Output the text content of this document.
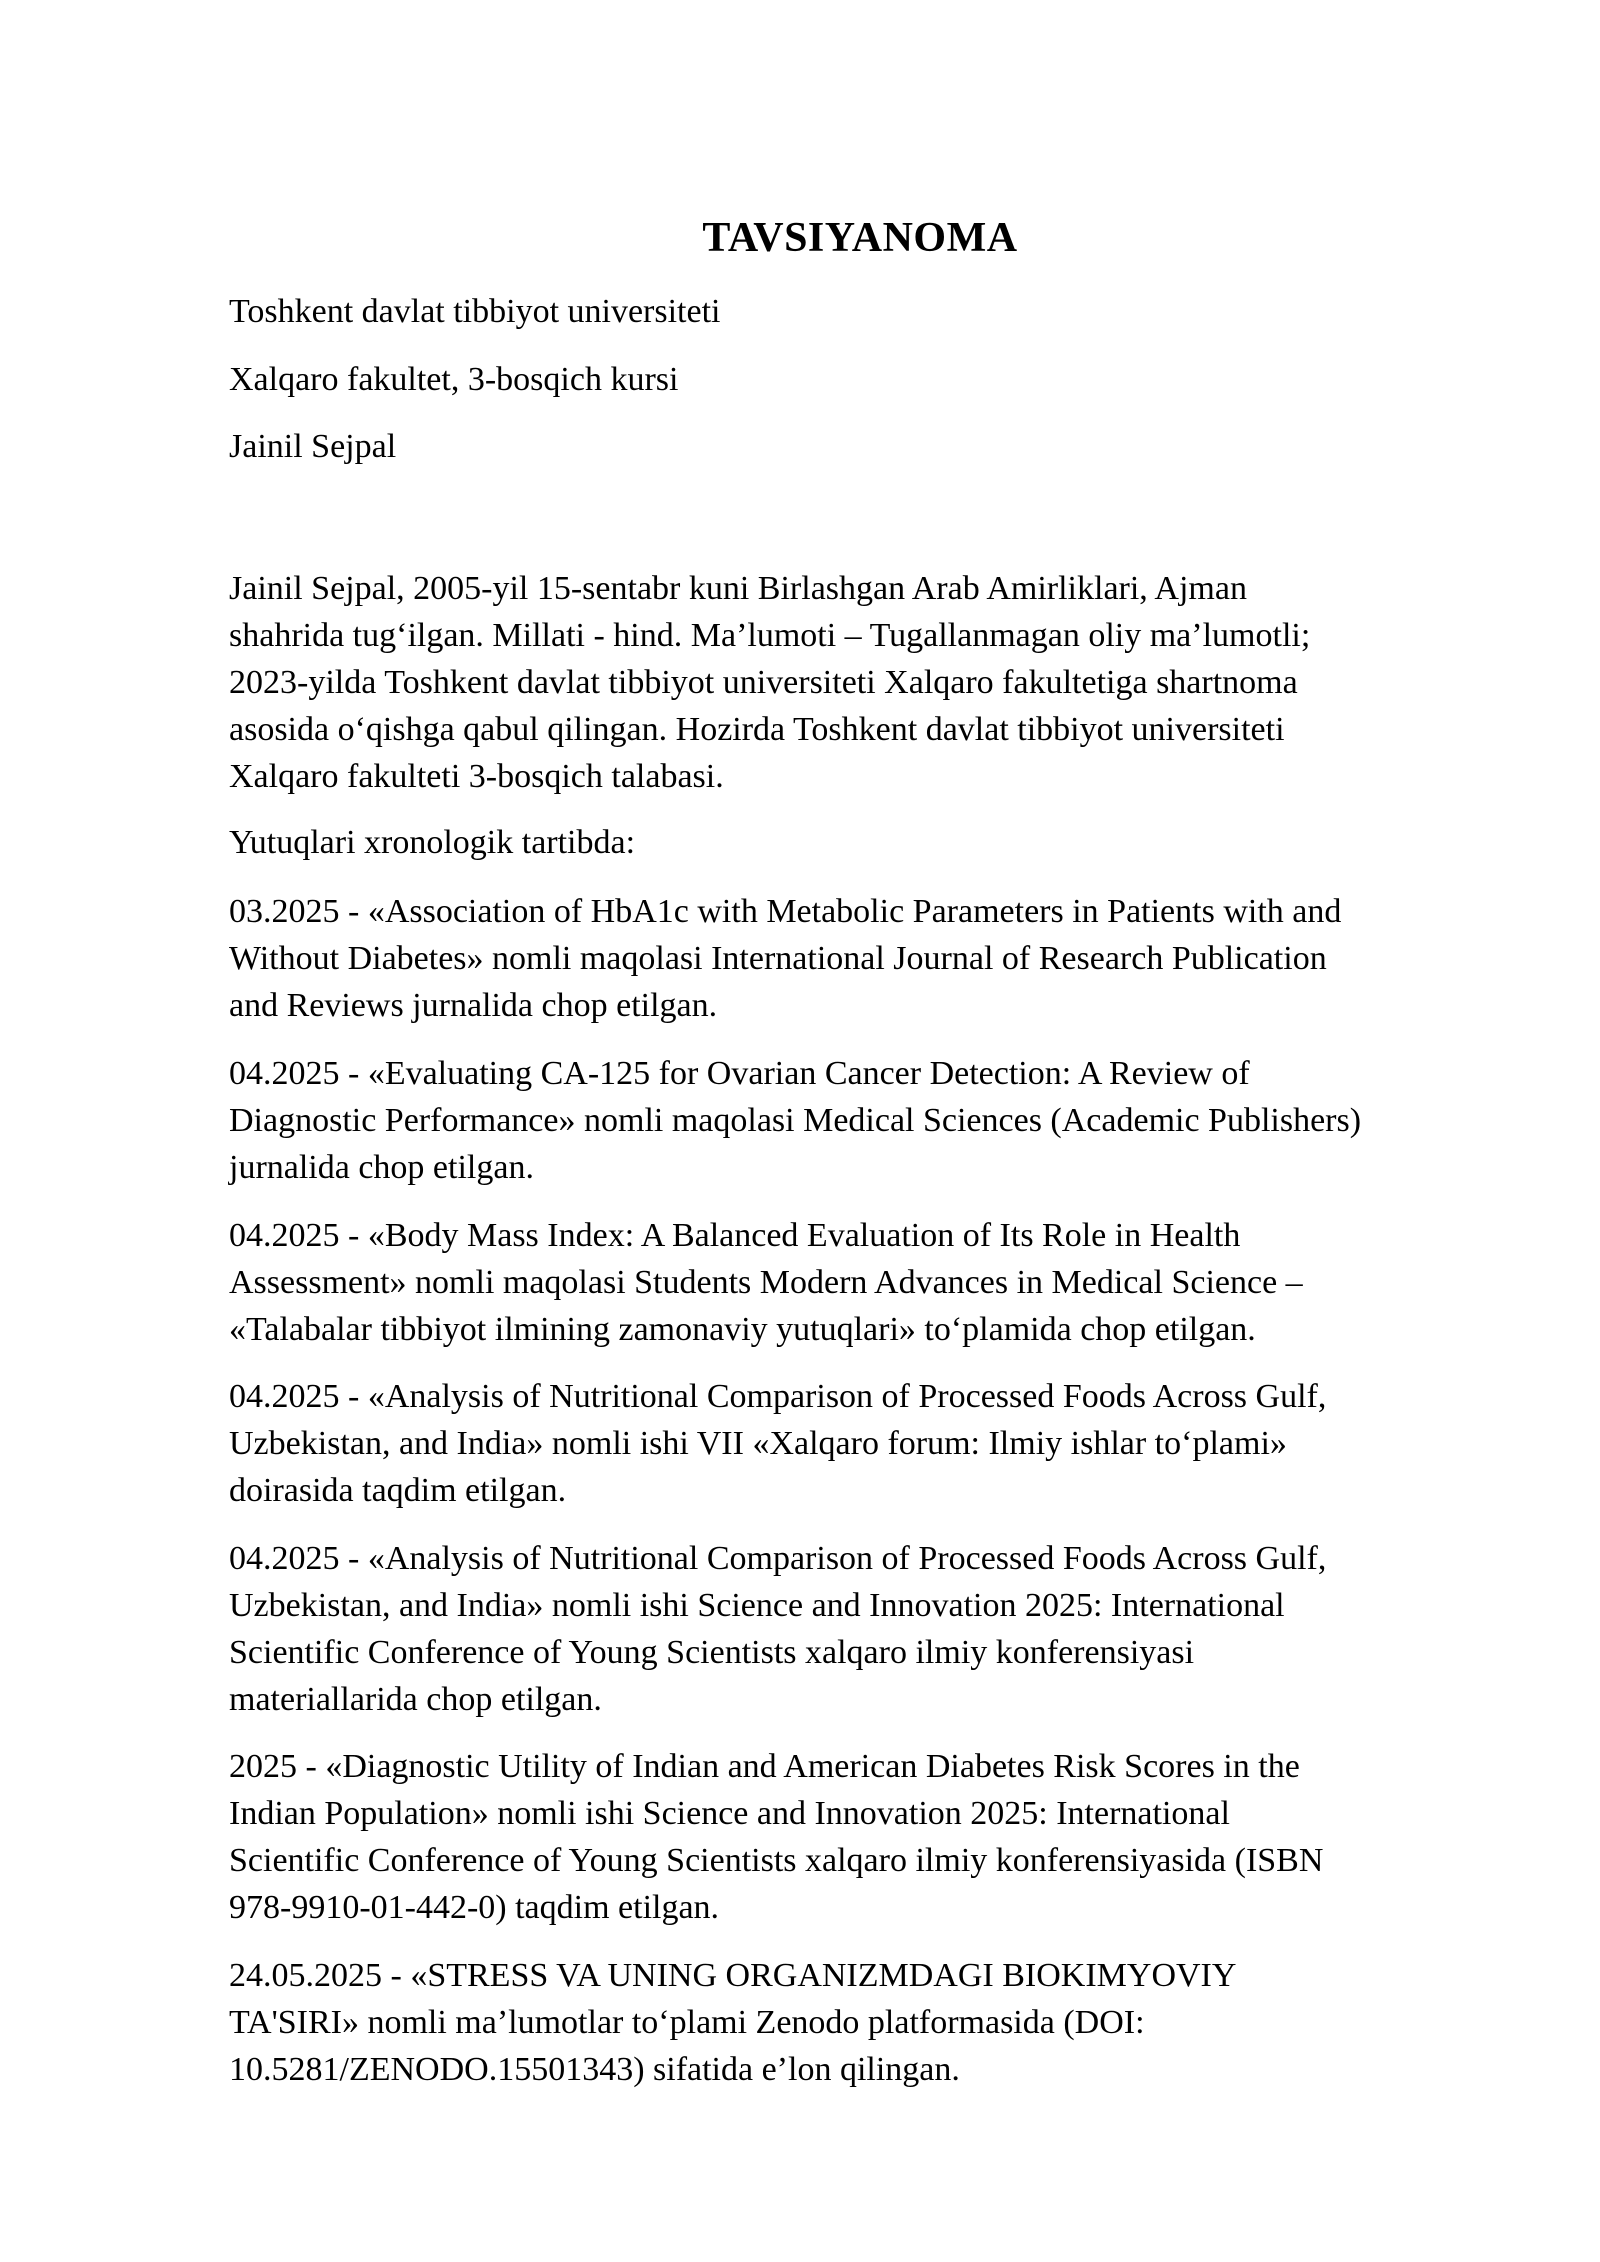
TAVSIYANOMA
Toshkent davlat tibbiyot universiteti
Xalqaro fakultet, 3-bosqich kursi
Jainil Sejpal
Jainil Sejpal, 2005-yil 15-sentabr kuni Birlashgan Arab Amirliklari, Ajman
shahrida tug‘ilgan. Millati - hind. Ma’lumoti – Tugallanmagan oliy ma’lumotli;
2023-yilda Toshkent davlat tibbiyot universiteti Xalqaro fakultetiga shartnoma
asosida o‘qishga qabul qilingan. Hozirda Toshkent davlat tibbiyot universiteti
Xalqaro fakulteti 3-bosqich talabasi.
Yutuqlari xronologik tartibda:
03.2025 - «Association of HbA1c with Metabolic Parameters in Patients with and
Without Diabetes» nomli maqolasi International Journal of Research Publication
and Reviews jurnalida chop etilgan.
04.2025 - «Evaluating CA-125 for Ovarian Cancer Detection: A Review of
Diagnostic Performance» nomli maqolasi Medical Sciences (Academic Publishers)
jurnalida chop etilgan.
04.2025 - «Body Mass Index: A Balanced Evaluation of Its Role in Health
Assessment» nomli maqolasi Students Modern Advances in Medical Science –
«Talabalar tibbiyot ilmining zamonaviy yutuqlari» to‘plamida chop etilgan.
04.2025 - «Analysis of Nutritional Comparison of Processed Foods Across Gulf,
Uzbekistan, and India» nomli ishi VII «Xalqaro forum: Ilmiy ishlar to‘plami»
doirasida taqdim etilgan.
04.2025 - «Analysis of Nutritional Comparison of Processed Foods Across Gulf,
Uzbekistan, and India» nomli ishi Science and Innovation 2025: International
Scientific Conference of Young Scientists xalqaro ilmiy konferensiyasi
materiallarida chop etilgan.
2025 - «Diagnostic Utility of Indian and American Diabetes Risk Scores in the
Indian Population» nomli ishi Science and Innovation 2025: International
Scientific Conference of Young Scientists xalqaro ilmiy konferensiyasida (ISBN
978-9910-01-442-0) taqdim etilgan.
24.05.2025 - «STRESS VA UNING ORGANIZMDAGI BIOKIMYOVIY
TA'SIRI» nomli ma’lumotlar to‘plami Zenodo platformasida (DOI:
10.5281/ZENODO.15501343) sifatida e’lon qilingan.
